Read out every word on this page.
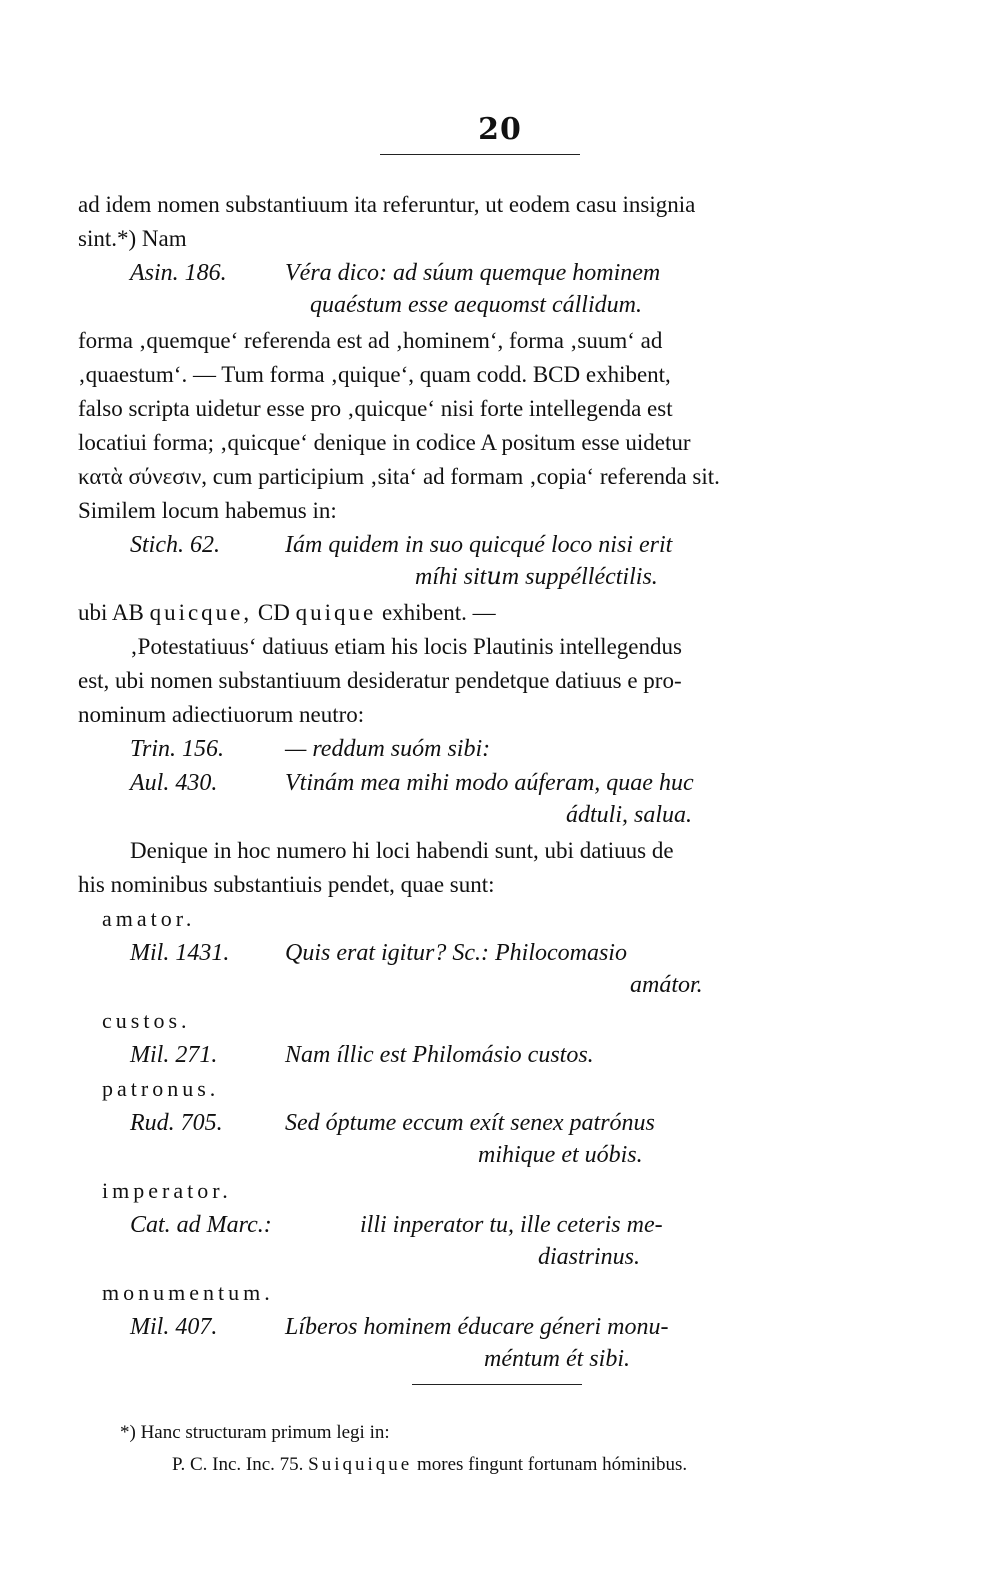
20
ad idem nomen substantiuum ita referuntur, ut eodem casu insignia
sint.*) Nam
Asin. 186. Véra dico: ad súum quemque hominem
quaéstum esse aequomst cállidum.
forma ‚quemque‘ referenda est ad ‚hominem‘, forma ‚suum‘ ad
‚quaestum‘. — Tum forma ‚quique‘, quam codd. BCD exhibent,
falso scripta uidetur esse pro ‚quicque‘ nisi forte intellegenda est
locatiui forma; ‚quicque‘ denique in codice A positum esse uidetur
κατὰ σύνεσιν, cum participium ‚sita‘ ad formam ‚copia‘ referenda sit.
Similem locum habemus in:
Stich. 62.	Iám quidem in suo quicqué loco nisi erit
míhi sit𝑢m suppélléctilis.
ubi AB quicque, CD quique exhibent. —
‚Potestatiuus‘ datiuus etiam his locis Plautinis intellegendus
est, ubi nomen substantiuum desideratur pendetque datiuus e pro-
nominum adiectiuorum neutro:
Trin. 156.	— reddum suóm sibi:
Aul. 430.	Vtinám mea mihi modo aúferam, quae huc
ádtuli, salua.
Denique in hoc numero hi loci habendi sunt, ubi datiuus de
his nominibus substantiuis pendet, quae sunt:
amator.
Mil. 1431. Quis erat igitur? Sc.: Philocomasio
amátor.
custos.
Mil. 271.	Nam íllic est Philomásio custos.
patronus.
Rud. 705.	Sed óptume eccum exít senex patrónus
mihique et uóbis.
imperator.
Cat. ad Marc.:	illi inperator tu, ille ceteris me-
diastrinus.
monumentum.
Mil. 407.	Líberos hominem éducare géneri monu-
méntum ét sibi.
*) Hanc structuram primum legi in:
P. C. Inc. Inc. 75. Suiquique mores fingunt fortunam hóminibus.
